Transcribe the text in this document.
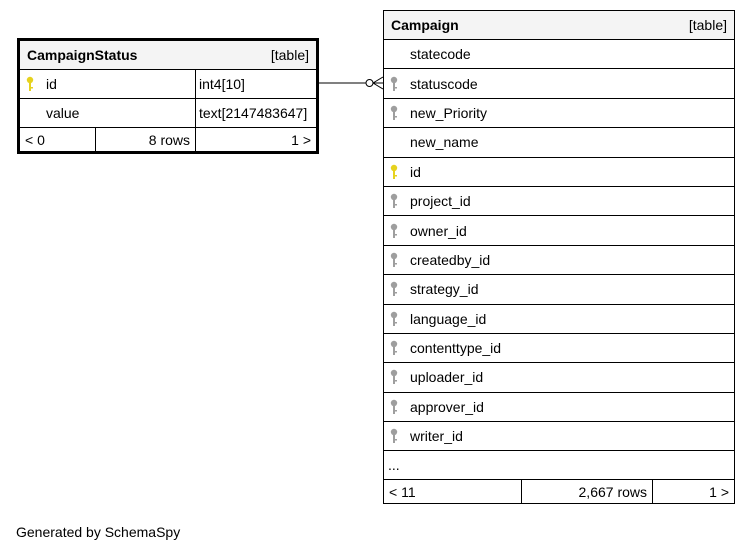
CampaignStatus	[table]
id	int4[10]
value	text[2147483647]
< 0	8 rows	1 >
Campaign	[table]
statecode
statuscode
new_Priority
new_name
id
project_id
owner_id
createdby_id
strategy_id
language_id
contenttype_id
uploader_id
approver_id
writer_id
...
< 11	2,667 rows	1 >
Generated by SchemaSpy
